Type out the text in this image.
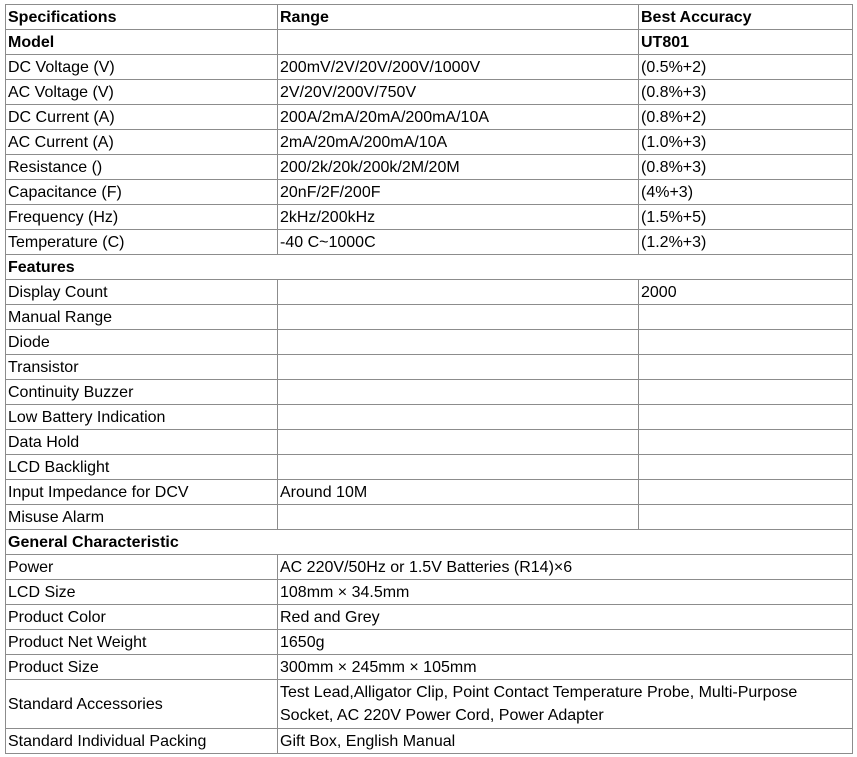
Specifications	Range	Best Accuracy
Model		UT801
DC Voltage (V)	200mV/2V/20V/200V/1000V	(0.5%+2)
AC Voltage (V)	2V/20V/200V/750V	(0.8%+3)
DC Current (A)	200A/2mA/20mA/200mA/10A	(0.8%+2)
AC Current (A)	2mA/20mA/200mA/10A	(1.0%+3)
Resistance ()	200/2k/20k/200k/2M/20M	(0.8%+3)
Capacitance (F)	20nF/2F/200F	(4%+3)
Frequency (Hz)	2kHz/200kHz	(1.5%+5)
Temperature (C)	-40 C~1000C	(1.2%+3)
Features		
Display Count		2000
Manual Range		
Diode		
Transistor		
Continuity Buzzer		
Low Battery Indication		
Data Hold		
LCD Backlight		
Input Impedance for DCV	Around 10M	
Misuse Alarm		
General Characteristic		
Power	AC 220V/50Hz or 1.5V Batteries (R14)×6	
LCD Size	108mm × 34.5mm	
Product Color	Red and Grey	
Product Net Weight	1650g	
Product Size	300mm × 245mm × 105mm	
Standard Accessories	Test Lead,Alligator Clip, Point Contact Temperature Probe, Multi-Purpose Socket, AC 220V Power Cord, Power Adapter	
Standard Individual Packing	Gift Box, English Manual	
